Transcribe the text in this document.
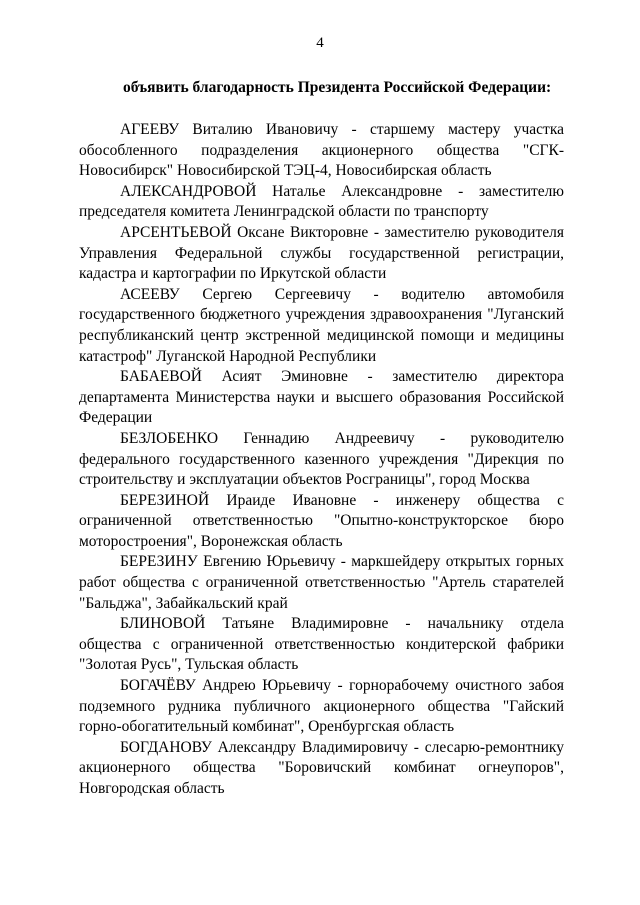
4
объявить благодарность Президента Российской Федерации:

АГЕЕВУ Виталию Ивановичу - старшему мастеру участка обособленного подразделения акционерного общества "СГК-Новосибирск" Новосибирской ТЭЦ-4, Новосибирская область

АЛЕКСАНДРОВОЙ Наталье Александровне - заместителю председателя комитета Ленинградской области по транспорту

АРСЕНТЬЕВОЙ Оксане Викторовне - заместителю руководителя Управления Федеральной службы государственной регистрации, кадастра и картографии по Иркутской области

АСЕЕВУ Сергею Сергеевичу - водителю автомобиля государственного бюджетного учреждения здравоохранения "Луганский республиканский центр экстренной медицинской помощи и медицины катастроф" Луганской Народной Республики

БАБАЕВОЙ Асият Эминовне - заместителю директора департамента Министерства науки и высшего образования Российской Федерации

БЕЗЛОБЕНКО Геннадию Андреевичу - руководителю федерального государственного казенного учреждения "Дирекция по строительству и эксплуатации объектов Росграницы", город Москва

БЕРЕЗИНОЙ Ираиде Ивановне - инженеру общества с ограниченной ответственностью "Опытно-конструкторское бюро моторостроения", Воронежская область

БЕРЕЗИНУ Евгению Юрьевичу - маркшейдеру открытых горных работ общества с ограниченной ответственностью "Артель старателей "Бальджа", Забайкальский край

БЛИНОВОЙ Татьяне Владимировне - начальнику отдела общества с ограниченной ответственностью кондитерской фабрики "Золотая Русь", Тульская область

БОГАЧЁВУ Андрею Юрьевичу - горнорабочему очистного забоя подземного рудника публичного акционерного общества "Гайский горно-обогатительный комбинат", Оренбургская область

БОГДАНОВУ Александру Владимировичу - слесарю-ремонтнику акционерного общества "Боровичский комбинат огнеупоров", Новгородская область
